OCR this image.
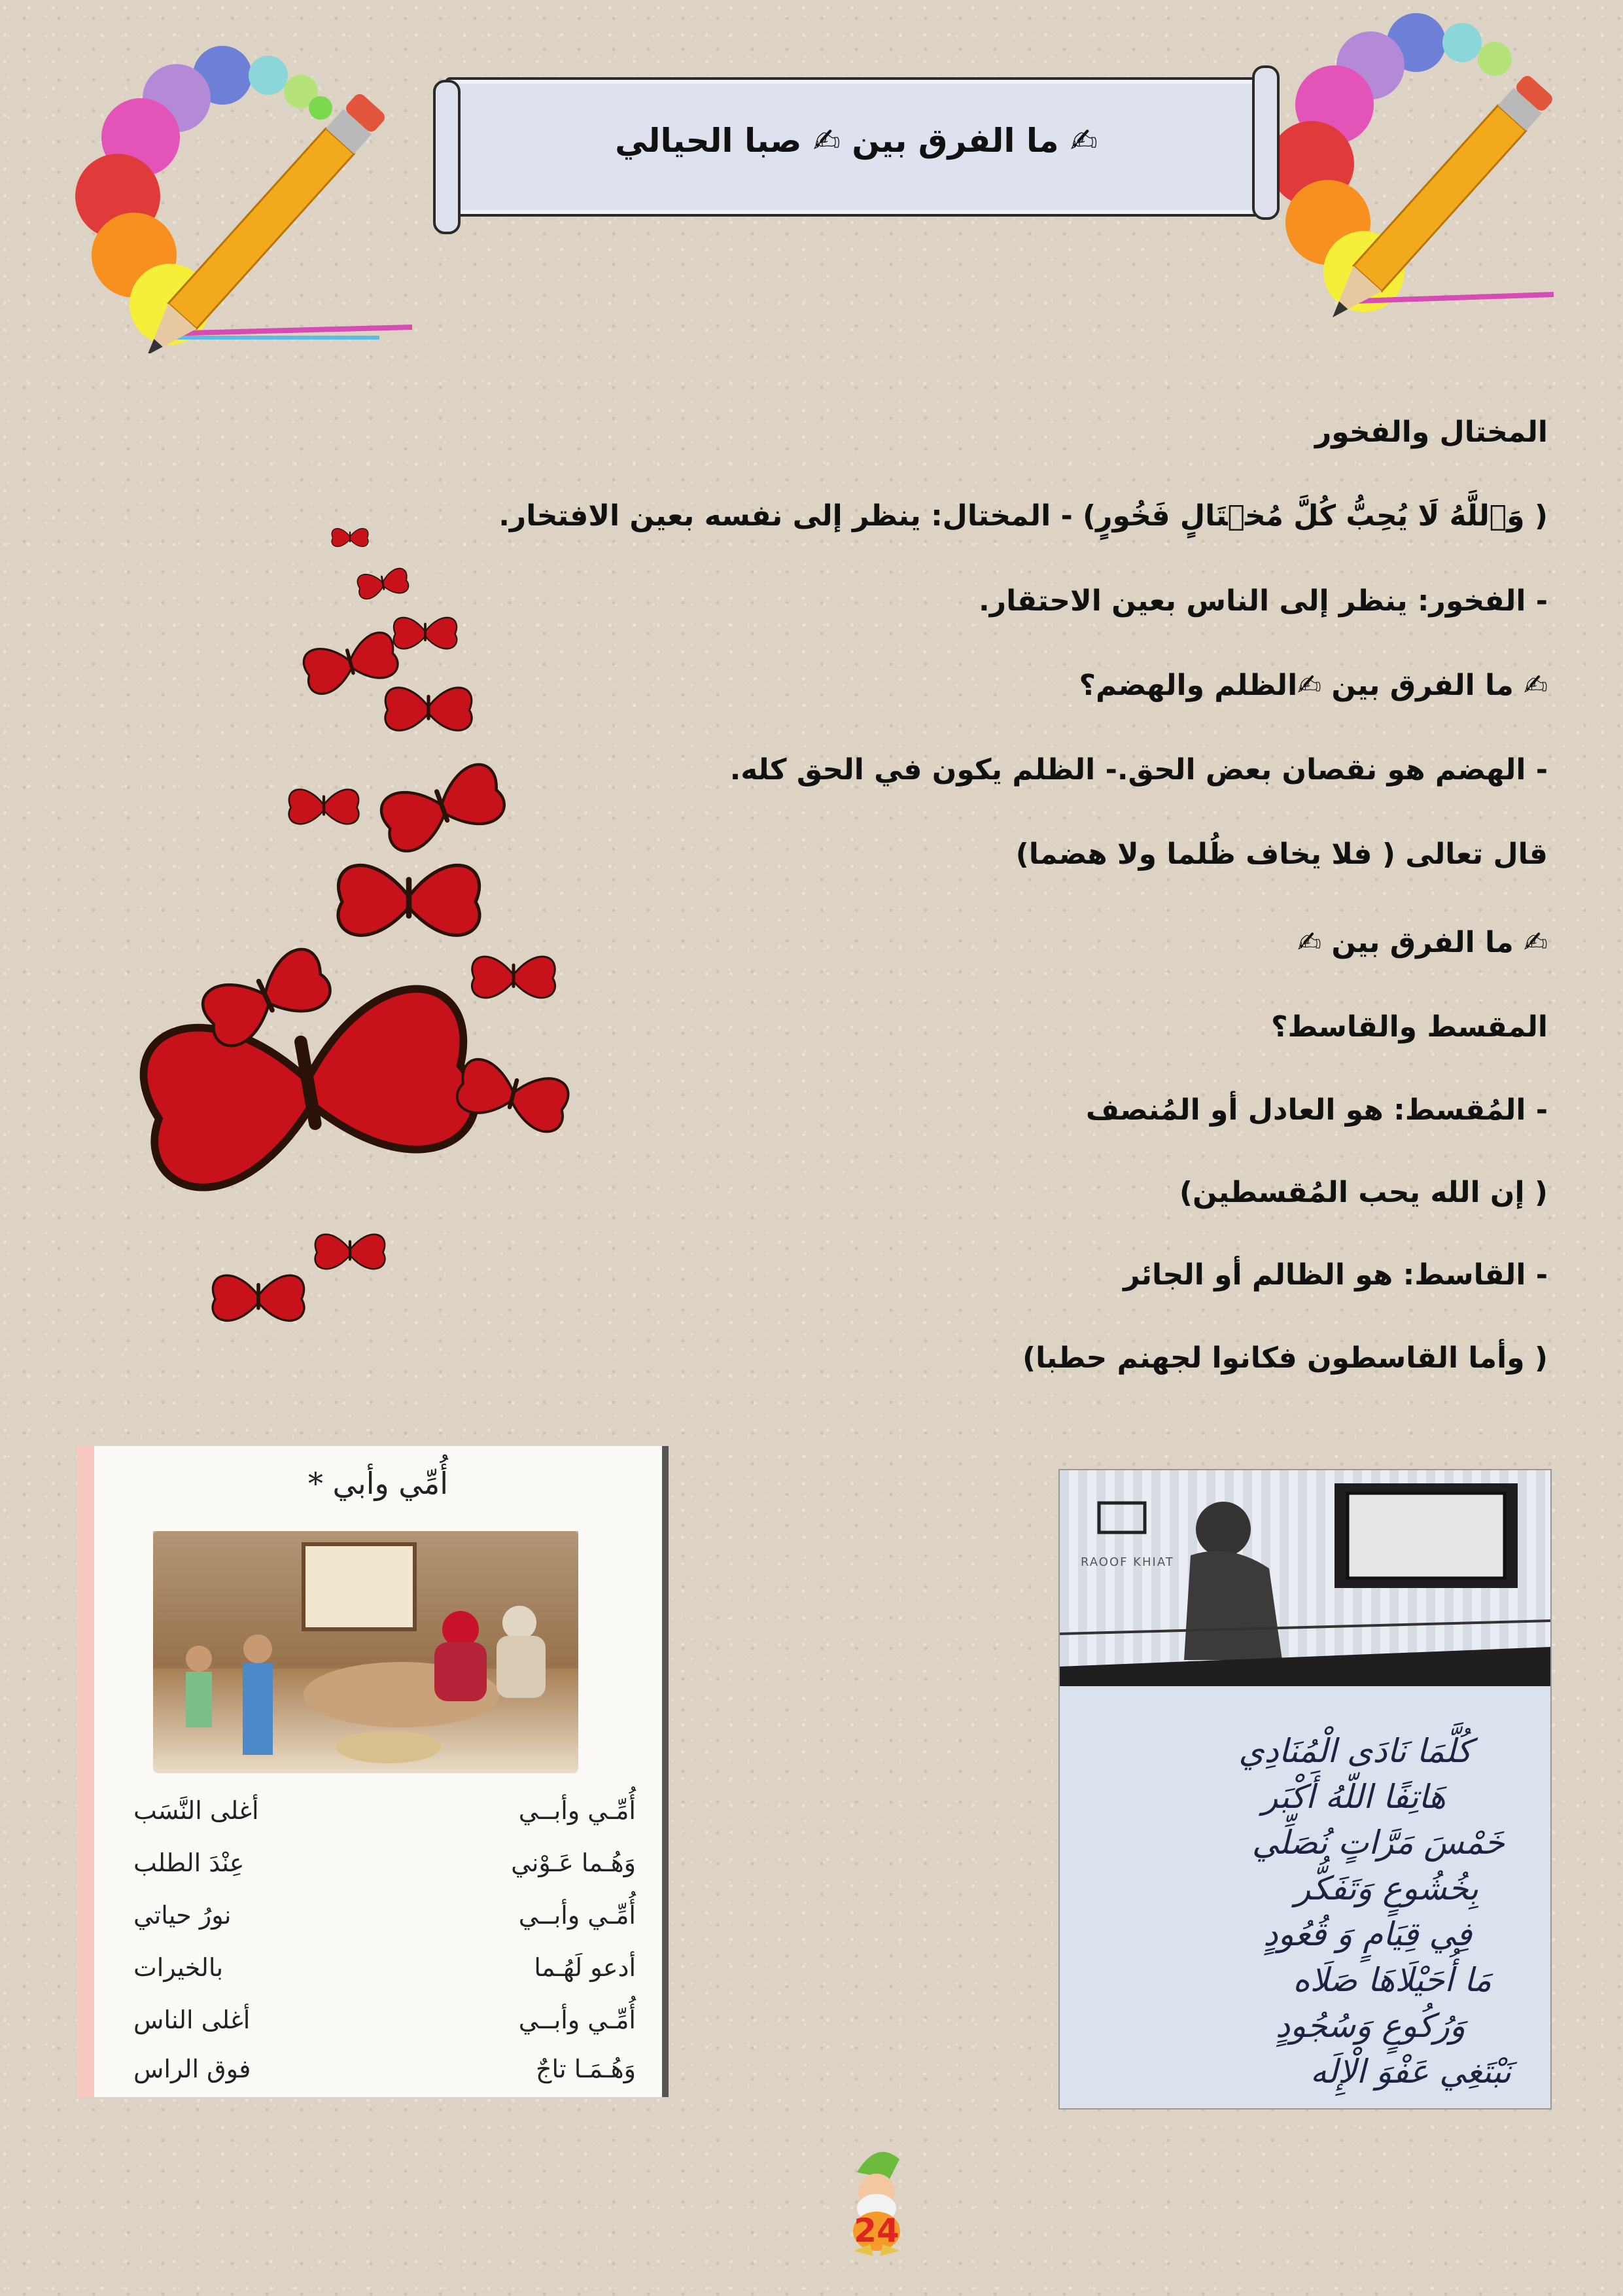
✍ ما الفرق بين ✍ صبا الحيالي
المختال والفخور
( وَٱللَّهُ لَا يُحِبُّ كُلَّ مُخۡتَالٍ فَخُورٍ) - المختال: ينظر إلى نفسه بعين الافتخار.
- الفخور: ينظر إلى الناس بعين الاحتقار.
✍ ما الفرق بين ✍الظلم والهضم؟
- الهضم هو نقصان بعض الحق.- الظلم يكون في الحق كله.
قال تعالى ( فلا يخاف ظُلما ولا هضما)
✍ ما الفرق بين ✍
المقسط والقاسط؟
- المُقسط: هو العادل أو المُنصف
( إن الله يحب المُقسطين)
- القاسط: هو الظالم أو الجائر
( وأما القاسطون فكانوا لجهنم حطبا)
أُمِّي وأبي *
أُمِّـي وأبــي
أغلى النَّسَب
وَهُـما عَـوْني
عِنْدَ الطلب
أُمِّـي وأبــي
نورُ حياتي
أدعو لَهُـما
بالخيرات
أُمِّـي وأبــي
أغلى الناس
وَهُـمَـا تاجٌ
فوق الراس
RAOOF KHIAT
كُلَّمَا نَادَى الْمُنَادِي
هَاتِفًا اللّهُ أَكْبَر
خَمْسَ مَرَّاتٍ نُصَلِّي
بِخُشُوعٍ وَتَفَكُّر
فِي قِيَامٍ وَ قُعُودٍ
مَا أُحَيْلَاهَا صَلَاه
وَرُكُوعٍ وَسُجُودٍ
نَبْتَغِي عَفْوَ الْإِلَه
24
